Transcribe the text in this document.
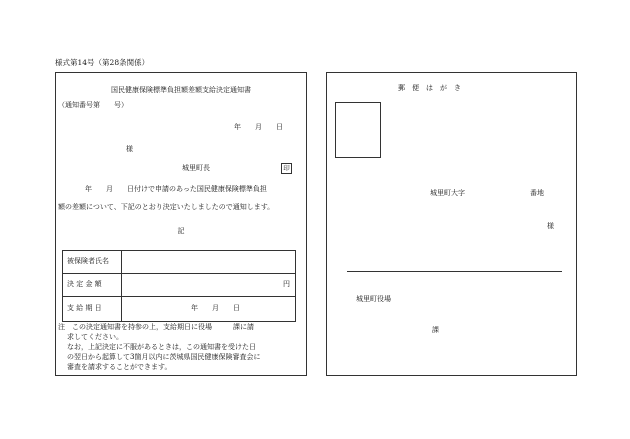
様式第14号（第28条関係）
国民健康保険標準負担額差額支給決定通知書
（通知番号第　　号）
年　　月　　日
様
城里町長	印
年　　月　　日付けで申請のあった国民健康保険標準負担
額の差額について、下記のとおり決定いたしましたので通知します。
記
被保険者氏名
決 定 金 額	円
支 給 期 日	年　　月　　日
注　この決定通知書を持参の上，支給期日に役場　　　課に請
求してください。
なお，上記決定に不服があるときは，この通知書を受けた日
の翌日から起算して3箇月以内に茨城県国民健康保険審査会に
審査を請求することができます。
郵　便　は　が　き
城里町大字	番地
様
城里町役場
課
